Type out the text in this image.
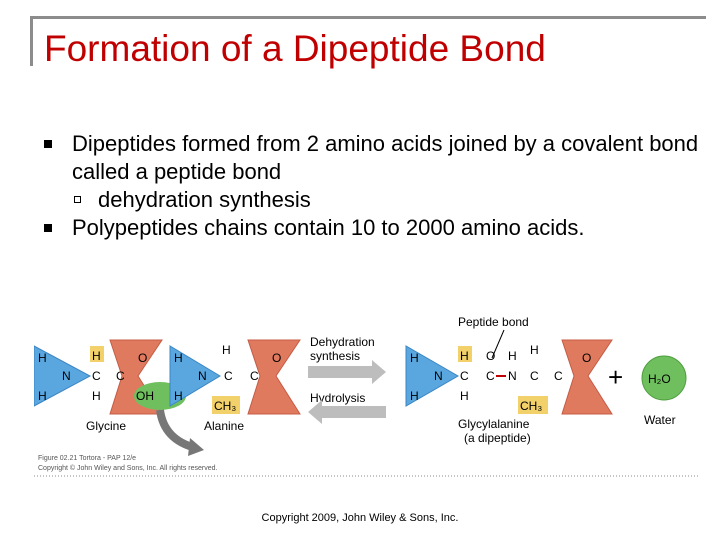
Formation of a Dipeptide Bond
Dipeptides formed from 2 amino acids joined by a covalent bond called a peptide bond
dehydration synthesis
Polypeptides chains contain 10 to 2000 amino acids.
H
N
H
H
C
H
C
O
OH
H
N
H
H
C
CH₃
C
O
Glycine	Alanine
Dehydration
synthesis
Hydrolysis
Peptide bond
H
N
H
H
C
H
O
C
H
N
H
C
CH₃
C
O
Glycylalanine
(a dipeptide)
+ H₂O
Water
Figure 02.21 Tortora - PAP 12/e
Copyright © John Wiley and Sons, Inc. All rights reserved.
Copyright 2009, John Wiley & Sons, Inc.
